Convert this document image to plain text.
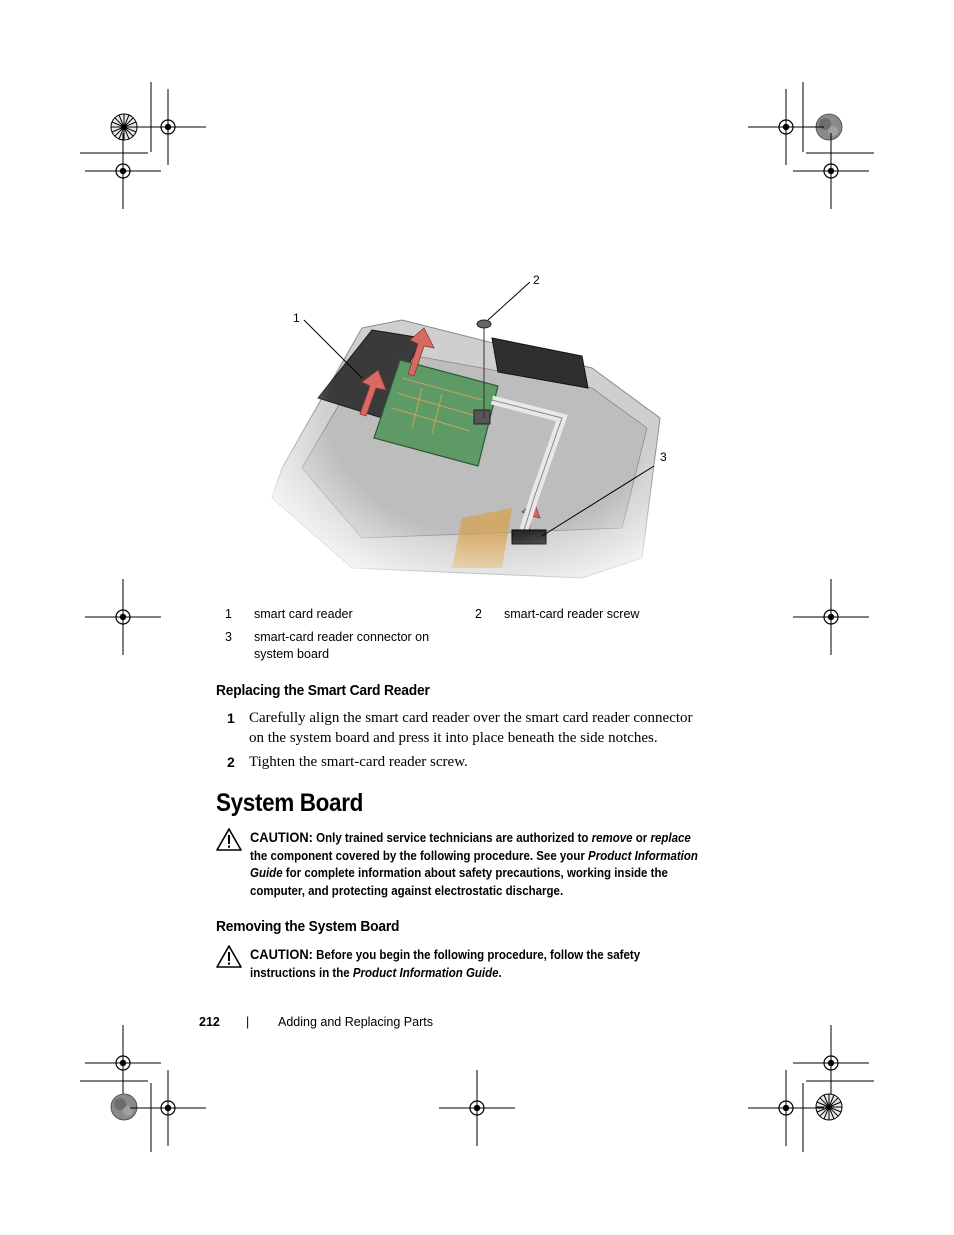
1
2
3
1 smart card reader	2 smart-card reader screw
3 smart-card reader connector on
system board
Replacing the Smart Card Reader
1 Carefully align the smart card reader over the smart card reader connector
on the system board and press it into place beneath the side notches.
2 Tighten the smart-card reader screw.
System Board
CAUTION: Only trained service technicians are authorized to remove or replace
the component covered by the following procedure. See your Product Information
Guide for complete information about safety precautions, working inside the
computer, and protecting against electrostatic discharge.
Removing the System Board
CAUTION: Before you begin the following procedure, follow the safety
instructions in the Product Information Guide.
212 | Adding and Replacing Parts
